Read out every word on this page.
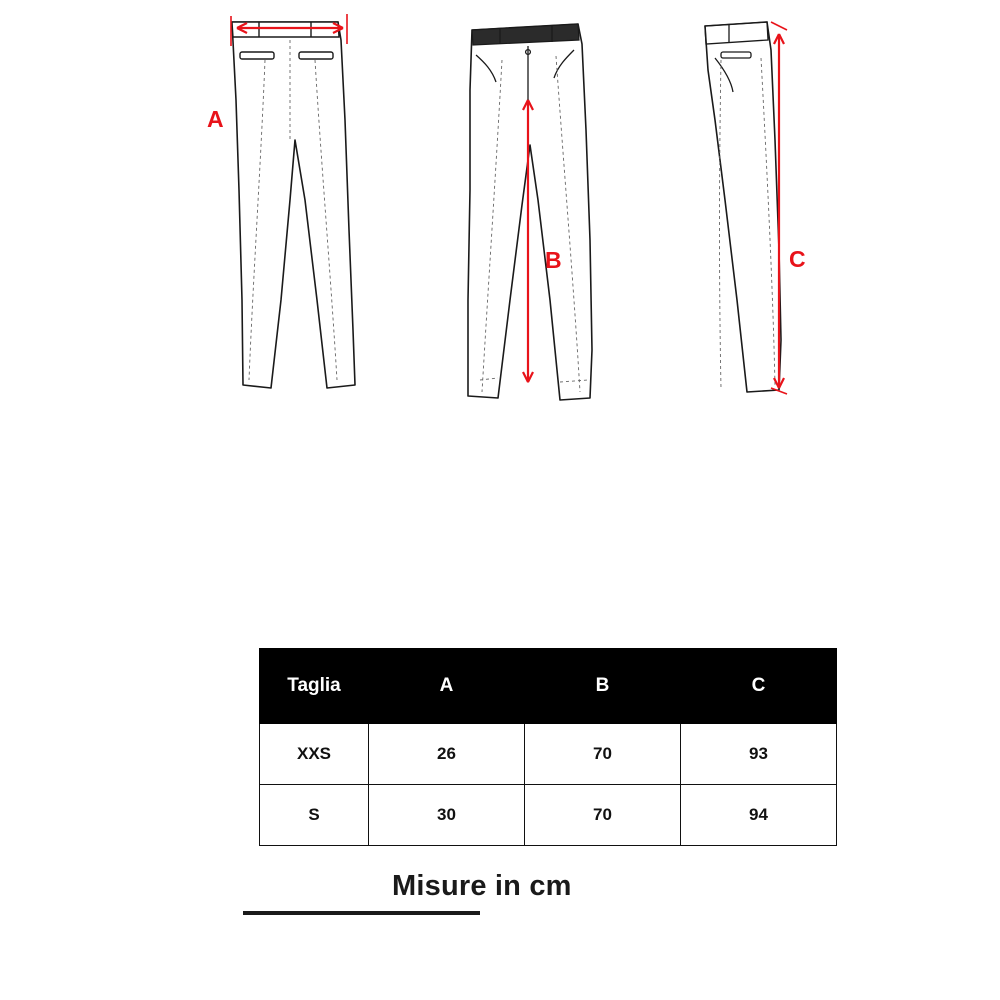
A
B	C
Misure in cm
Taglia	A	B	C
XXS	26	70	93
S	30	70	94
